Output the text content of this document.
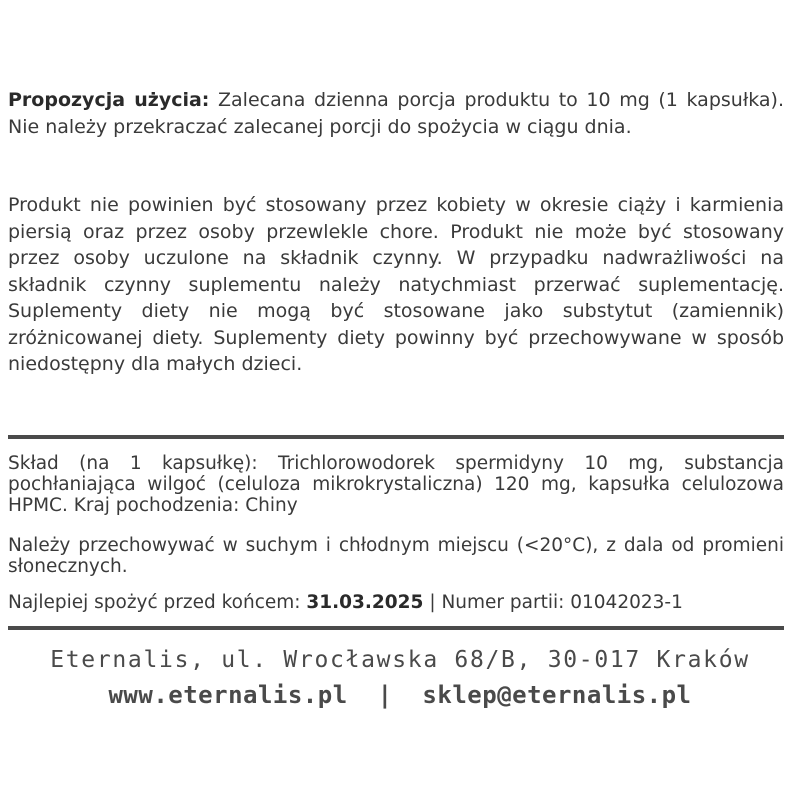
Propozycja użycia: Zalecana dzienna porcja produktu to 10 mg (1 kapsułka). Nie należy przekraczać zalecanej porcji do spożycia w ciągu dnia.

Produkt nie powinien być stosowany przez kobiety w okresie ciąży i karmienia piersią oraz przez osoby przewlekle chore. Produkt nie może być stosowany przez osoby uczulone na składnik czynny. W przypadku nadwrażliwości na składnik czynny suplementu należy natychmiast przerwać suplementację. Suplementy diety nie mogą być stosowane jako substytut (zamiennik) zróżnicowanej diety. Suplementy diety powinny być przechowywane w sposób niedostępny dla małych dzieci.

Skład (na 1 kapsułkę): Trichlorowodorek spermidyny 10 mg, substancja pochłaniająca wilgoć (celuloza mikrokrystaliczna) 120 mg, kapsułka celulozowa HPMC. Kraj pochodzenia: Chiny

Należy przechowywać w suchym i chłodnym miejscu (<20°C), z dala od promieni słonecznych.

Najlepiej spożyć przed końcem: 31.03.2025 | Numer partii: 01042023-1

Eternalis, ul. Wrocławska 68/B, 30-017 Kraków
www.eternalis.pl | sklep@eternalis.pl
